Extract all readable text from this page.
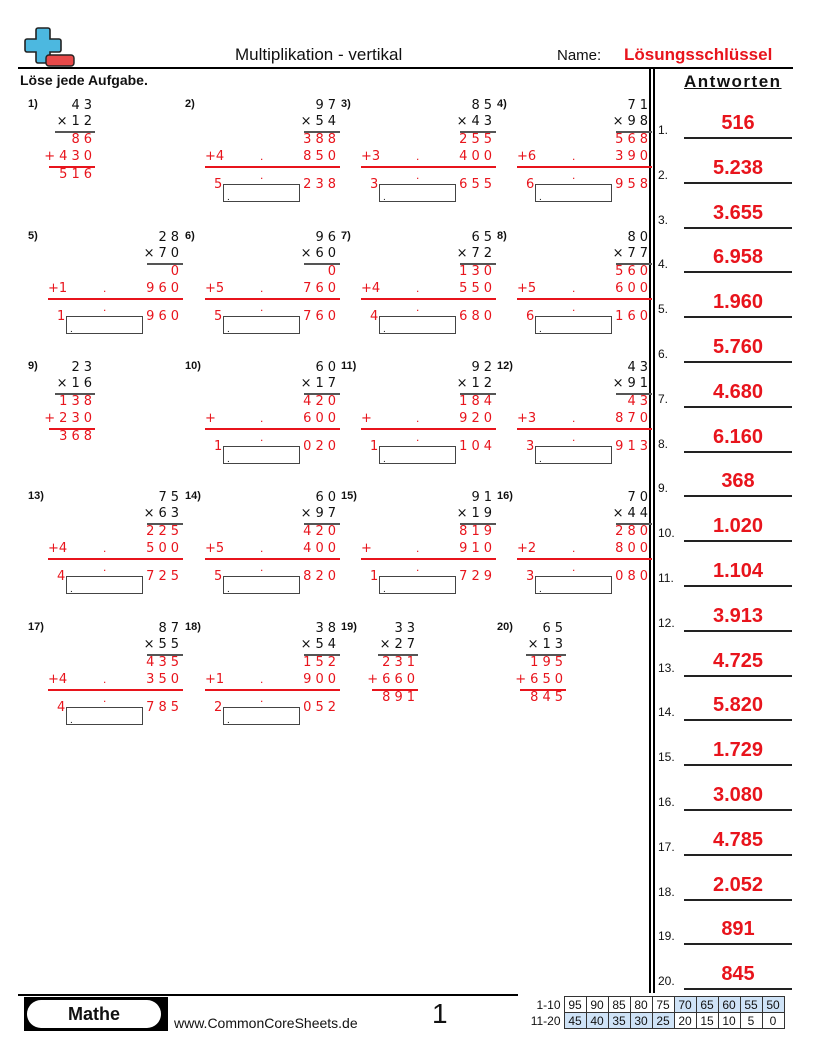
Multiplikation - vertikal	Name: Lösungsschlüssel
Löse jede Aufgabe.	Antworten
1.	516
2.	5.238
3.	3.655
4.	6.958
5.	1.960
6.	5.760
7.	4.680
8.	6.160
9.	368
10.	1.020
11.	1.104
12.	3.913
13.	4.725
14.	5.820
15.	1.729
16.	3.080
17.	4.785
18.	2.052
19.	891
20.	845
1)	43
×12
86
+430
516
2)	97
×54
388
+4	.	850
5
.
.
238
3)	85
×43
255
+3	.	400
3
.
.
655
4)	71
×98
568
+6	.	390
6
.
.
958
5)	28
×70
0
+1	.	960
1
.
.
960
6)	96
×60
0
+5	.	760
5
.
.
760
7)	65
×72
130
+4	.	550
4
.
.
680
8)	80
×77
560
+5	.	600
6
.
.
160
9)	23
×16
138
+230
368
10)	60
×17
420
+	.	600
1
.
.
020
11)	92
×12
184
+	.	920
1
.
.
104
12)	43
×91
43
+3	.	870
3
.
.
913
13)	75
×63
225
+4	.	500
4
.
.
725
14)	60
×97
420
+5	.	400
5
.
.
820
15)	91
×19
819
+	.	910
1
.
.
729
16)	70
×44
280
+2	.	800
3
.
.
080
17)	87
×55
435
+4	.	350
4
.
.
785
18)	38
×54
152
+1	.	900
2
.
.
052
19)	33
×27
231
+660
891
20) 65
×13
195
+650
845
Mathe	www.CommonCoreSheets.de	1	1-10	95	90	85	80	75	70	65	60	55	50
11-20	45	40	35	30	25	20	15	10	5	0
